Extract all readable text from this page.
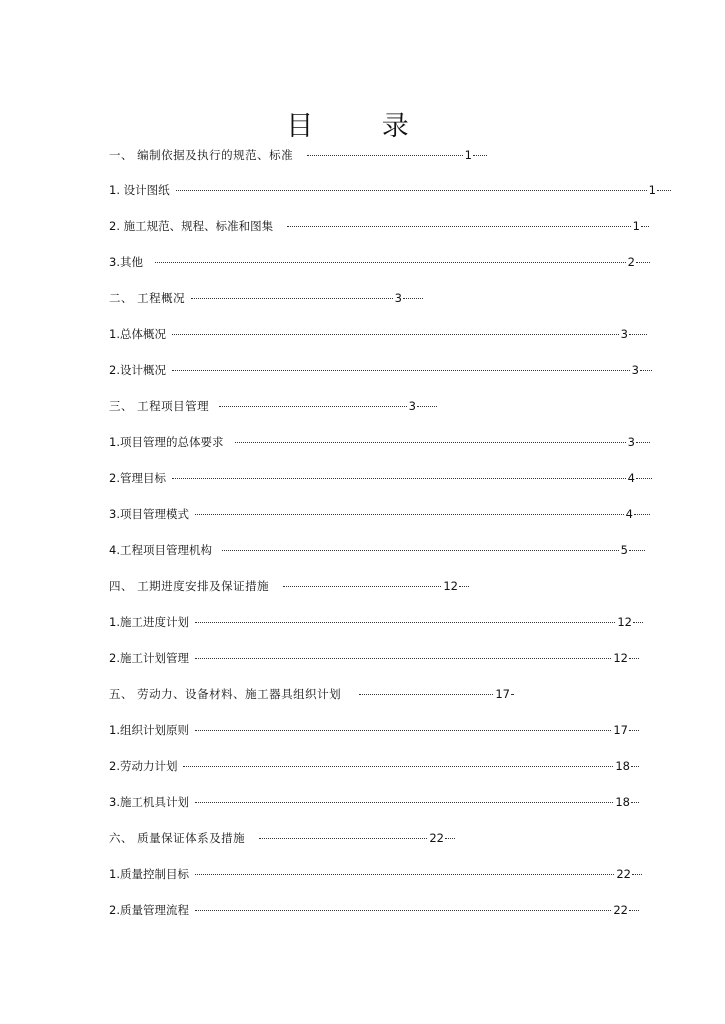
目 录
一、 编制依据及执行的规范、标准	1
1. 设计图纸	1
2. 施工规范、规程、标准和图集	1
3.其他	2
二、 工程概况	3
1.总体概况	3
2.设计概况	3
三、 工程项目管理	3
1.项目管理的总体要求	3
2.管理目标	4
3.项目管理模式	4
4.工程项目管理机构	5
四、 工期进度安排及保证措施	12
1.施工进度计划	12
2.施工计划管理	12
五、 劳动力、设备材料、施工器具组织计划	17
1.组织计划原则	17
2.劳动力计划	18
3.施工机具计划	18
六、 质量保证体系及措施	22
1.质量控制目标	22
2.质量管理流程	22
